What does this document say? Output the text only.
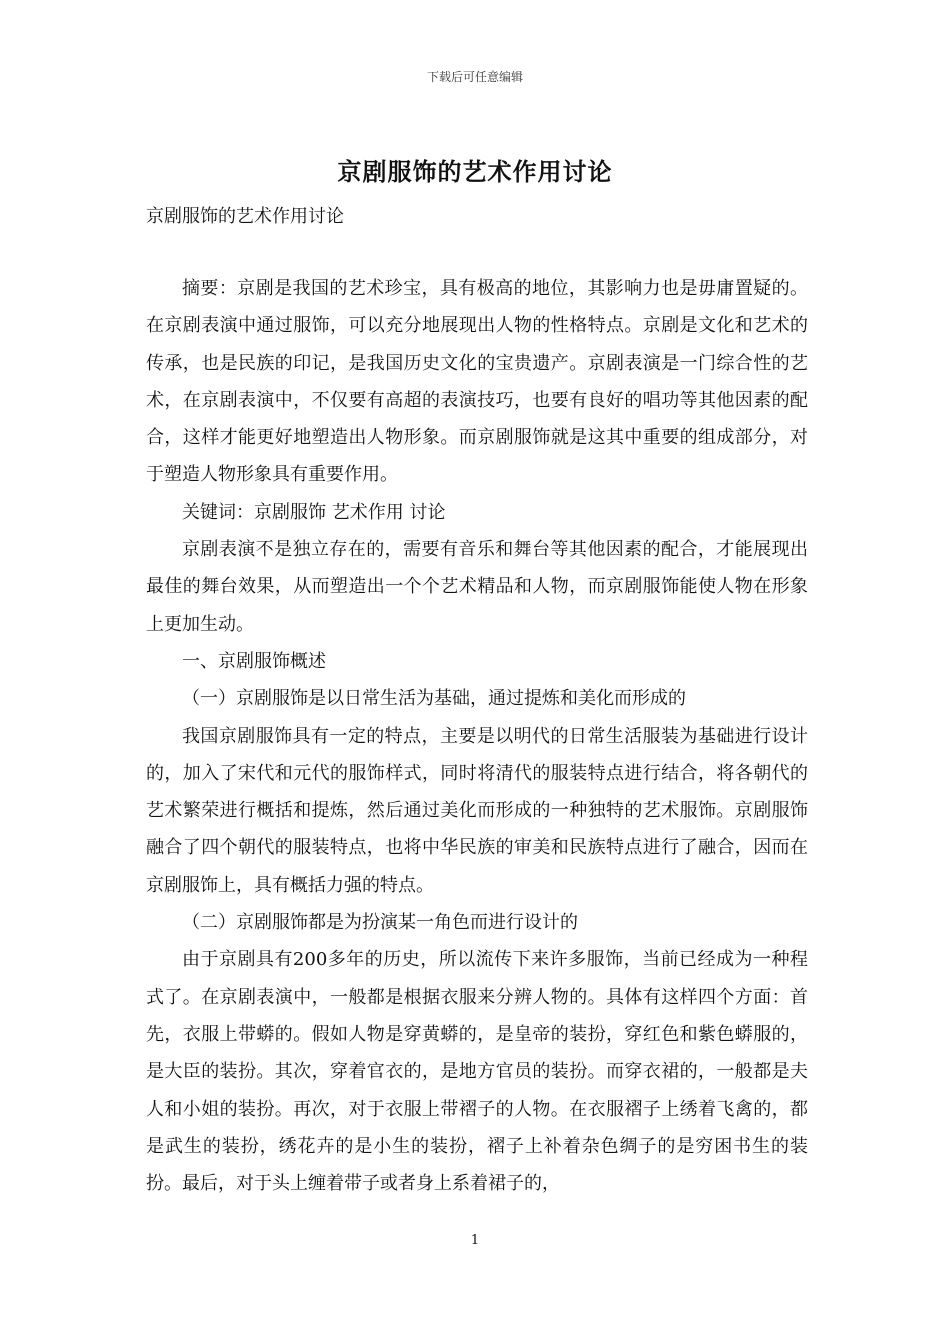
下载后可任意编辑
京剧服饰的艺术作用讨论
京剧服饰的艺术作用讨论

摘要：京剧是我国的艺术珍宝，具有极高的地位，其影响力也是毋庸置疑的。在京剧表演中通过服饰，可以充分地展现出人物的性格特点。京剧是文化和艺术的传承，也是民族的印记，是我国历史文化的宝贵遗产。京剧表演是一门综合性的艺术，在京剧表演中，不仅要有高超的表演技巧，也要有良好的唱功等其他因素的配合，这样才能更好地塑造出人物形象。而京剧服饰就是这其中重要的组成部分，对于塑造人物形象具有重要作用。

关键词：京剧服饰 艺术作用 讨论

京剧表演不是独立存在的，需要有音乐和舞台等其他因素的配合，才能展现出最佳的舞台效果，从而塑造出一个个艺术精品和人物，而京剧服饰能使人物在形象上更加生动。

一、京剧服饰概述

（一）京剧服饰是以日常生活为基础，通过提炼和美化而形成的

我国京剧服饰具有一定的特点，主要是以明代的日常生活服装为基础进行设计的，加入了宋代和元代的服饰样式，同时将清代的服装特点进行结合，将各朝代的艺术繁荣进行概括和提炼，然后通过美化而形成的一种独特的艺术服饰。京剧服饰融合了四个朝代的服装特点，也将中华民族的审美和民族特点进行了融合，因而在京剧服饰上，具有概括力强的特点。

（二）京剧服饰都是为扮演某一角色而进行设计的

由于京剧具有200多年的历史，所以流传下来许多服饰，当前已经成为一种程式了。在京剧表演中，一般都是根据衣服来分辨人物的。具体有这样四个方面：首先，衣服上带蟒的。假如人物是穿黄蟒的，是皇帝的装扮，穿红色和紫色蟒服的，是大臣的装扮。其次，穿着官衣的，是地方官员的装扮。而穿衣裙的，一般都是夫人和小姐的装扮。再次，对于衣服上带褶子的人物。在衣服褶子上绣着飞禽的，都是武生的装扮，绣花卉的是小生的装扮，褶子上补着杂色绸子的是穷困书生的装扮。最后，对于头上缠着带子或者身上系着裙子的，

1
